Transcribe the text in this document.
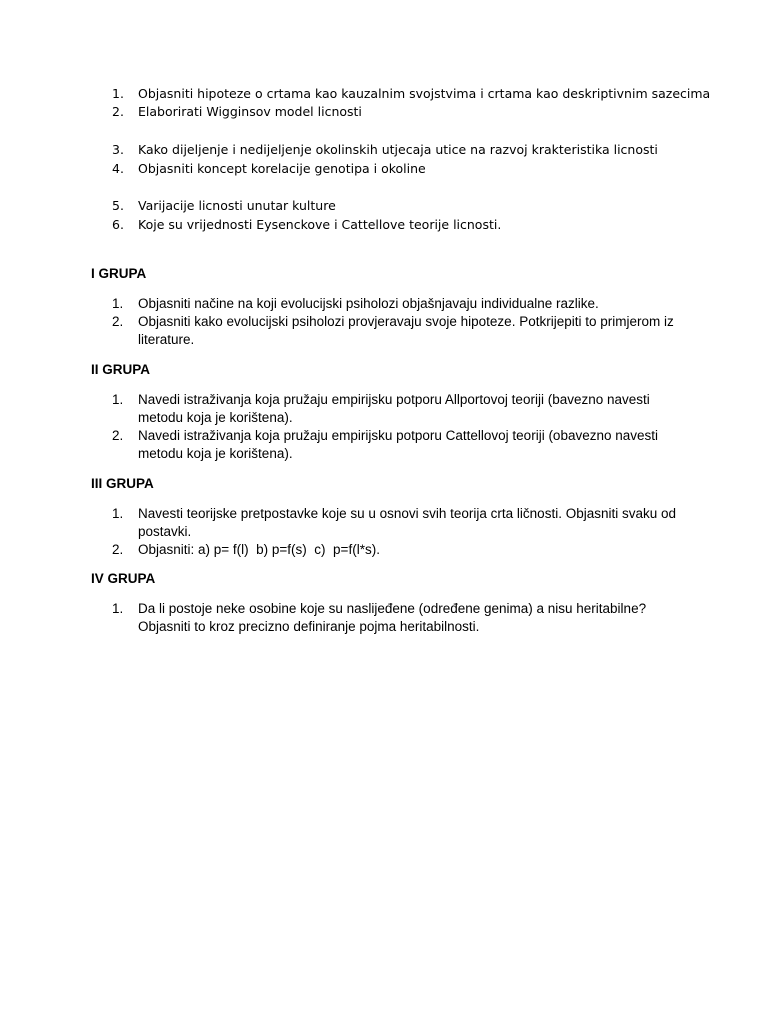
1.	Objasniti hipoteze o crtama kao kauzalnim svojstvima i crtama kao deskriptivnim sazecima
2.	Elaborirati Wigginsov model licnosti
3.	Kako dijeljenje i nedijeljenje okolinskih utjecaja utice na razvoj krakteristika licnosti
4.	Objasniti koncept korelacije genotipa i okoline
5.	Varijacije licnosti unutar kulture
6.	Koje su vrijednosti Eysenckove i Cattellove teorije licnosti.
I GRUPA
1.	Objasniti načine na koji evolucijski psiholozi objašnjavaju individualne razlike.
2.	Objasniti kako evolucijski psiholozi provjeravaju svoje hipoteze. Potkrijepiti to primjerom iz literature.
II GRUPA
1.	Navedi istraživanja koja pružaju empirijsku potporu Allportovoj teoriji (bavezno navesti metodu koja je korištena).
2.	Navedi istraživanja koja pružaju empirijsku potporu Cattellovoj teoriji (obavezno navesti metodu koja je korištena).
III GRUPA
1.	Navesti teorijske pretpostavke koje su u osnovi svih teorija crta ličnosti. Objasniti svaku od postavki.
2.	Objasniti: a) p= f(l)  b) p=f(s)  c)  p=f(l*s).
IV GRUPA
1.	Da li postoje neke osobine koje su naslijeđene (određene genima) a nisu heritabilne? Objasniti to kroz precizno definiranje pojma heritabilnosti.
